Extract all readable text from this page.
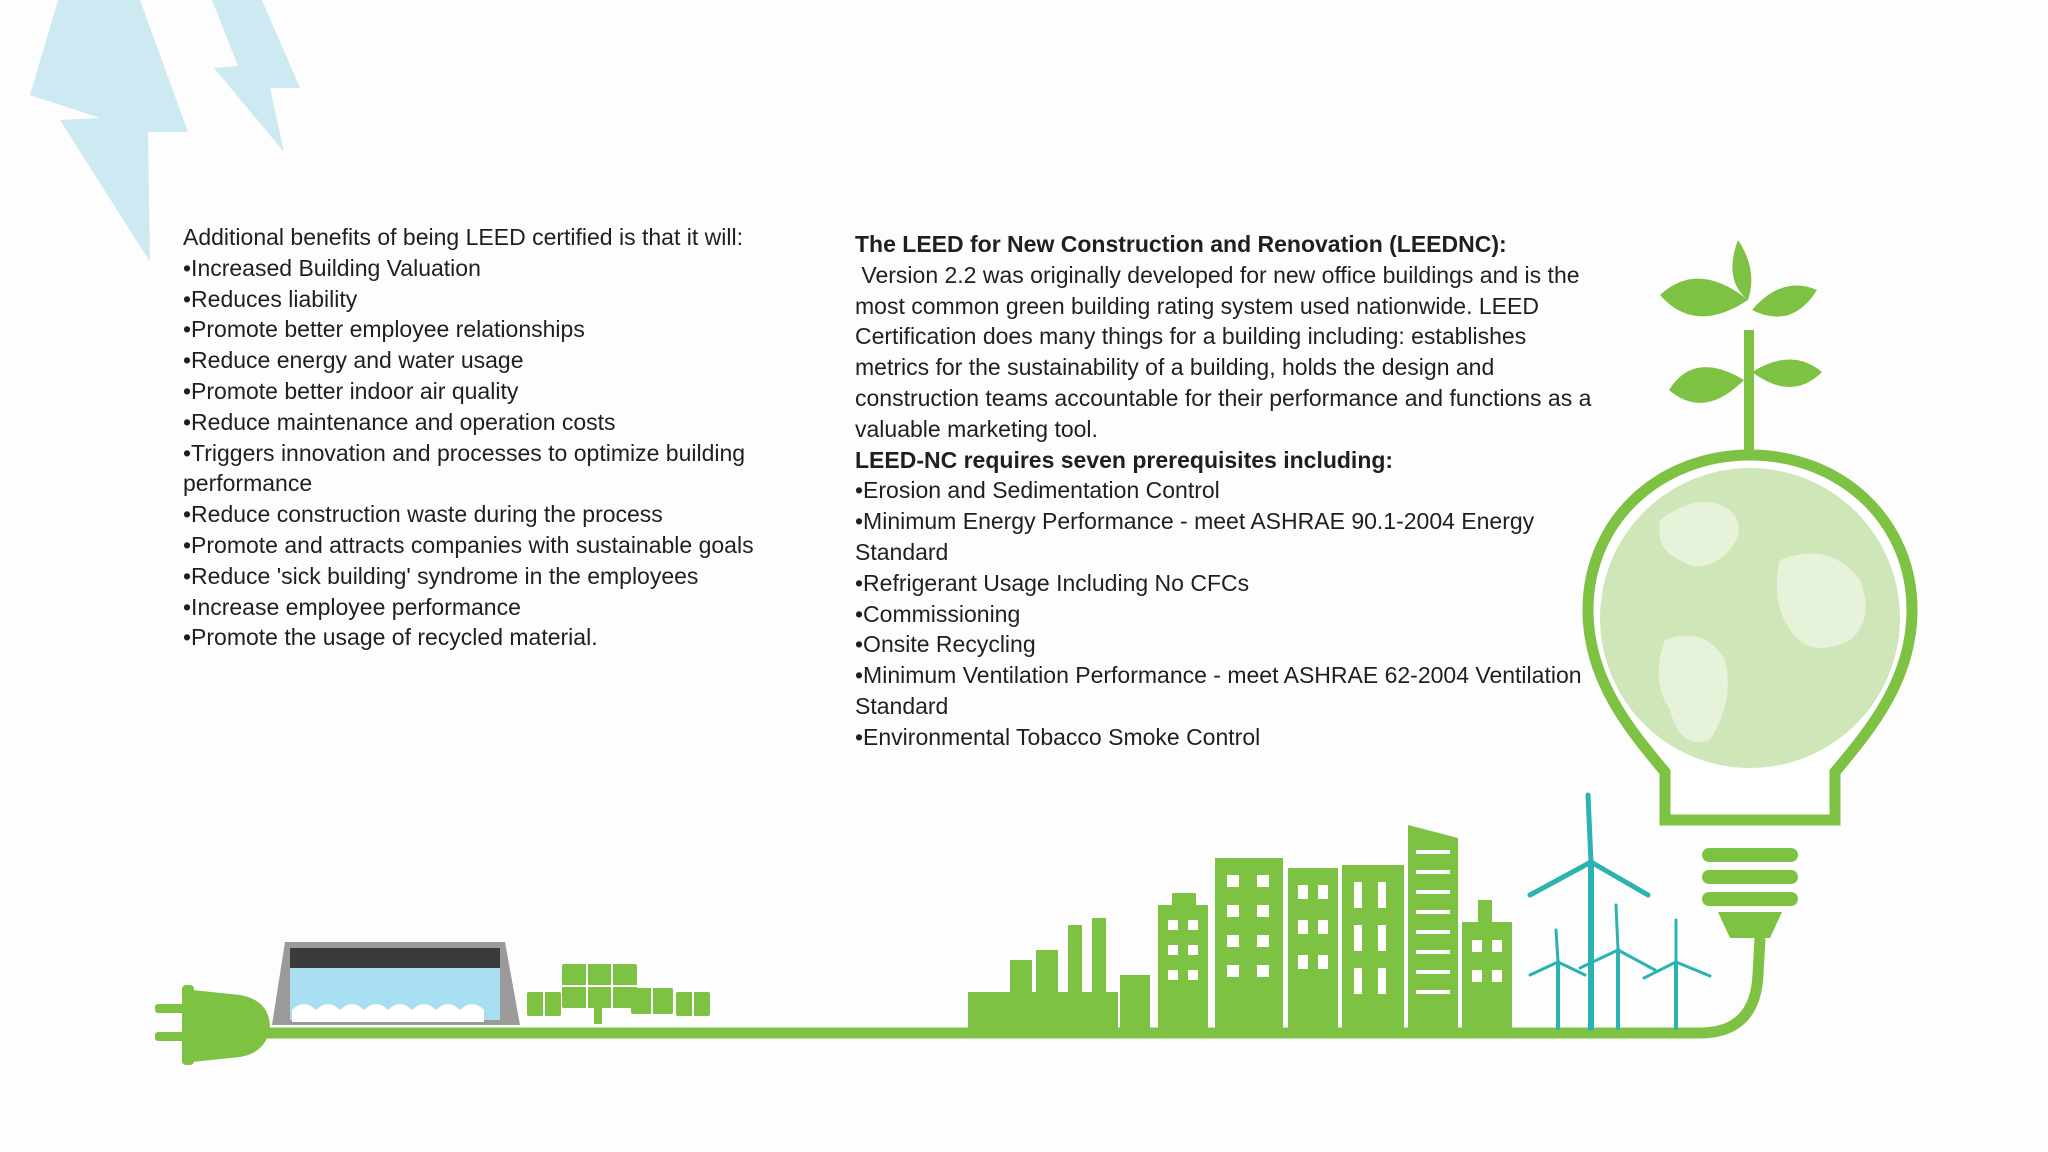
Additional benefits of being LEED certified is that it will:

•Increased Building Valuation

•Reduces liability

•Promote better employee relationships

•Reduce energy and water usage

•Promote better indoor air quality

•Reduce maintenance and operation costs

•Triggers innovation and processes to optimize building performance

•Reduce construction waste during the process

•Promote and attracts companies with sustainable goals

•Reduce 'sick building' syndrome in the employees

•Increase employee performance

•Promote the usage of recycled material.

The LEED for New Construction and Renovation (LEEDNC):

Version 2.2 was originally developed for new office buildings and is the most common green building rating system used nationwide. LEED Certification does many things for a building including: establishes metrics for the sustainability of a building, holds the design and construction teams accountable for their performance and functions as a valuable marketing tool.

LEED-NC requires seven prerequisites including:

•Erosion and Sedimentation Control

•Minimum Energy Performance - meet ASHRAE 90.1-2004 Energy Standard

•Refrigerant Usage Including No CFCs

•Commissioning

•Onsite Recycling

•Minimum Ventilation Performance - meet ASHRAE 62-2004 Ventilation Standard

•Environmental Tobacco Smoke Control
